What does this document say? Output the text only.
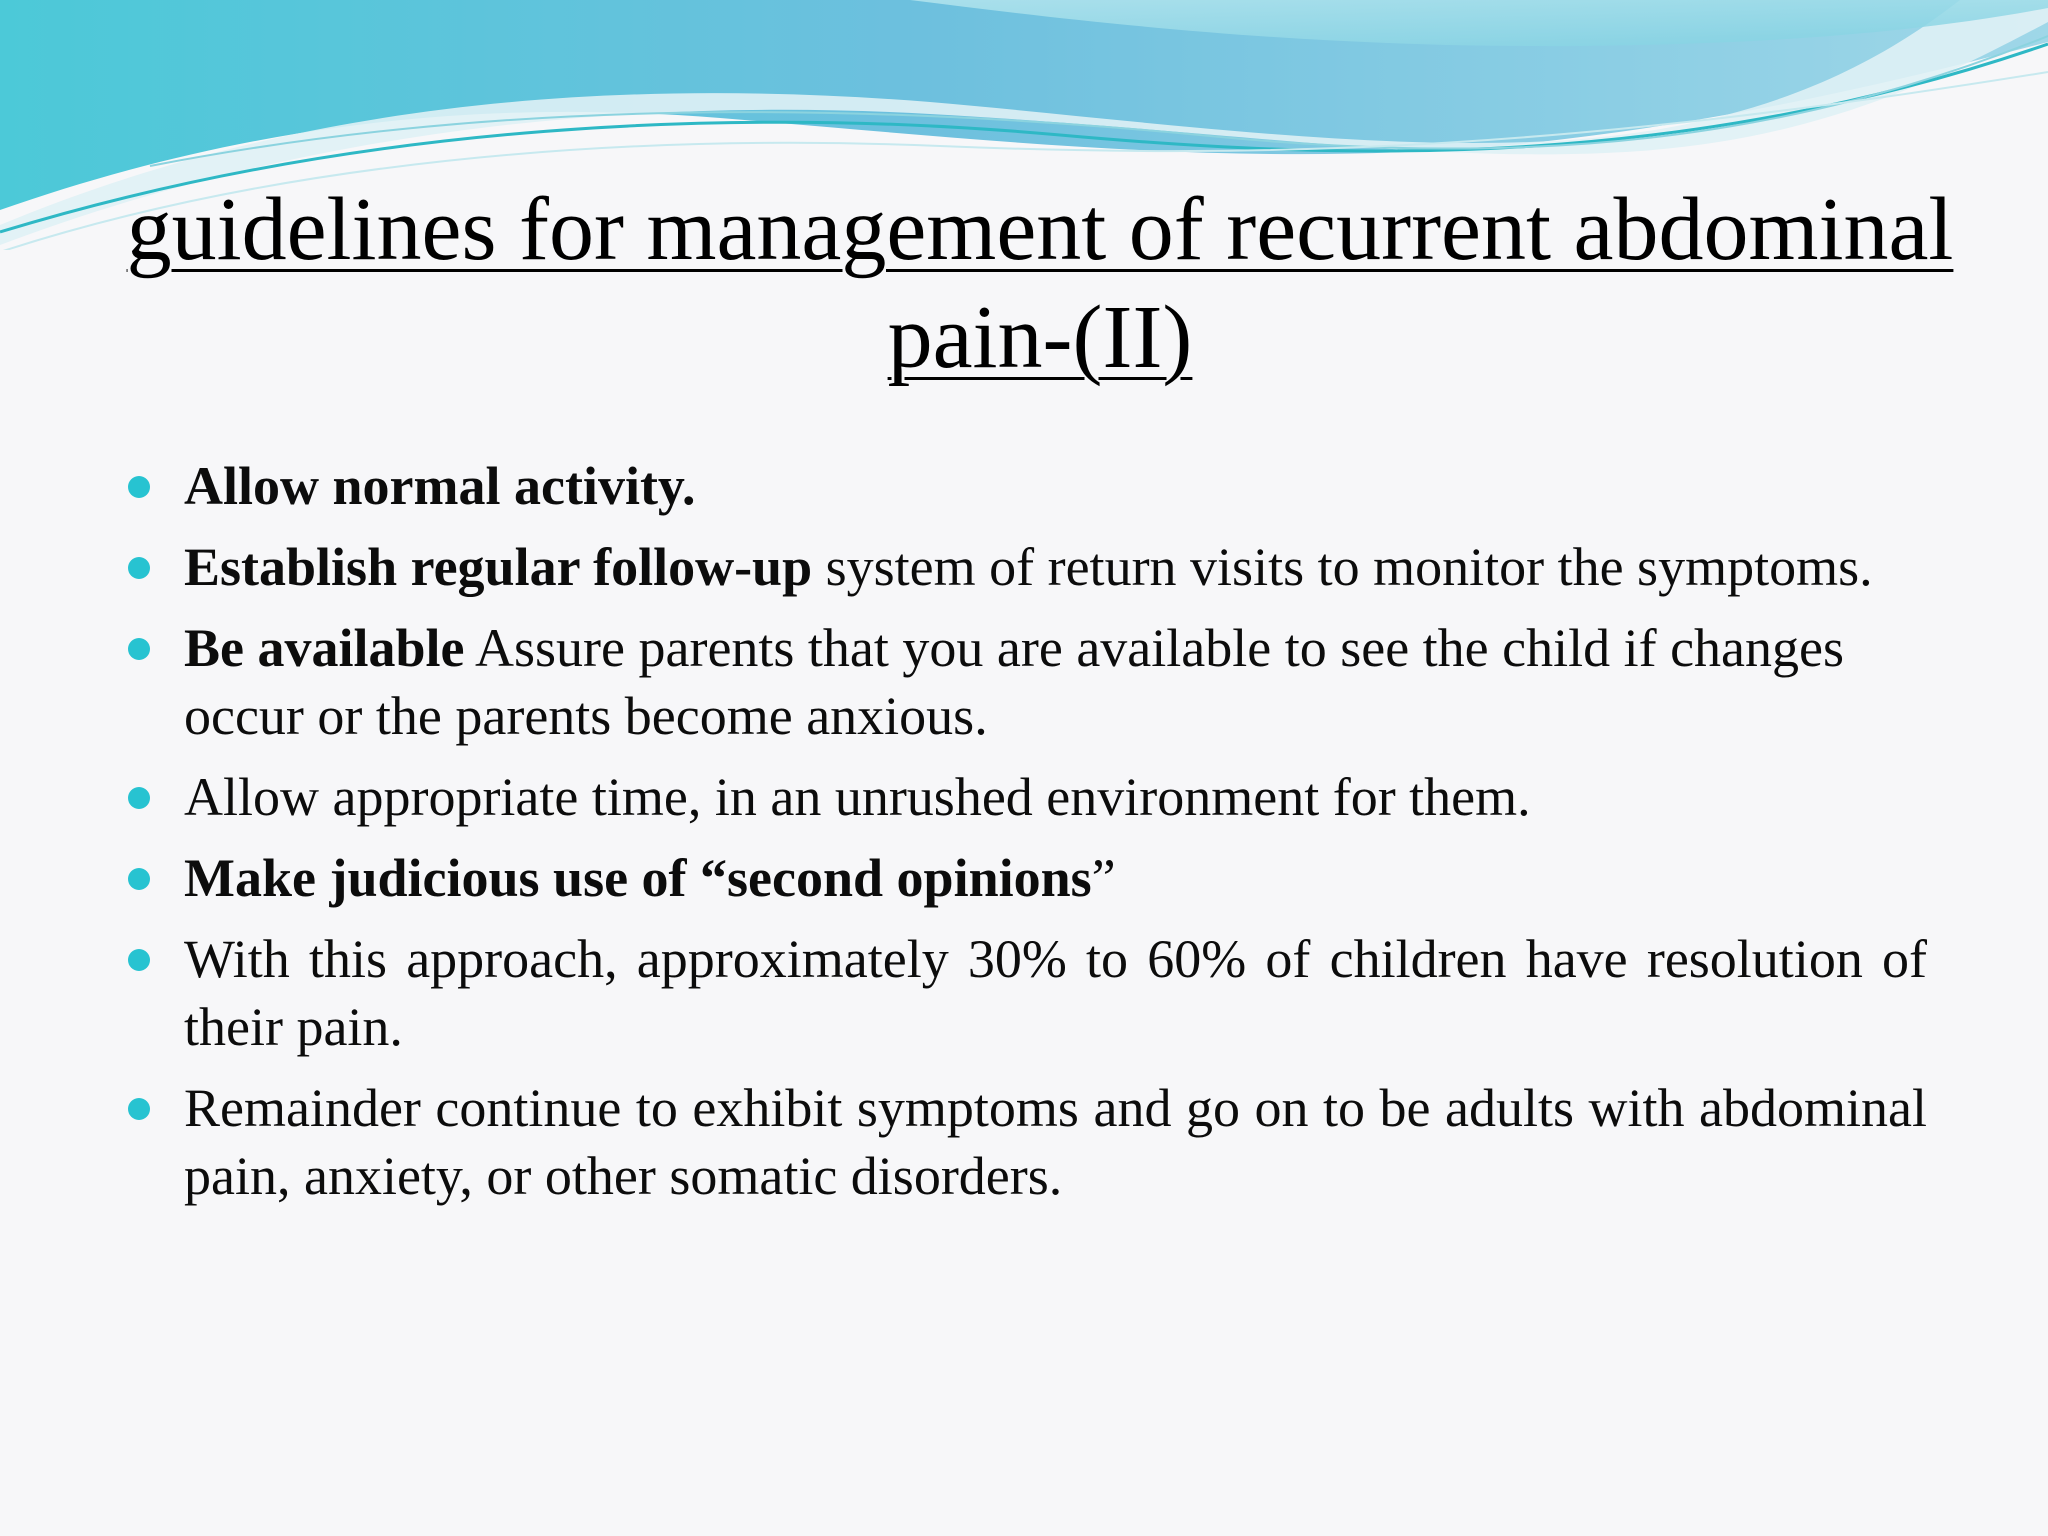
guidelines for management of recurrent abdominal
pain-(II)
Allow normal activity.
Establish regular follow-up system of return visits to monitor the symptoms.
Be available Assure parents that you are available to see the child if changes occur or the parents become anxious.
Allow appropriate time, in an unrushed environment for them.
Make judicious use of “second opinions”
With this approach, approximately 30% to 60% of children have resolution of their pain.
Remainder continue to exhibit symptoms and go on to be adults with abdominal pain, anxiety, or other somatic disorders.
